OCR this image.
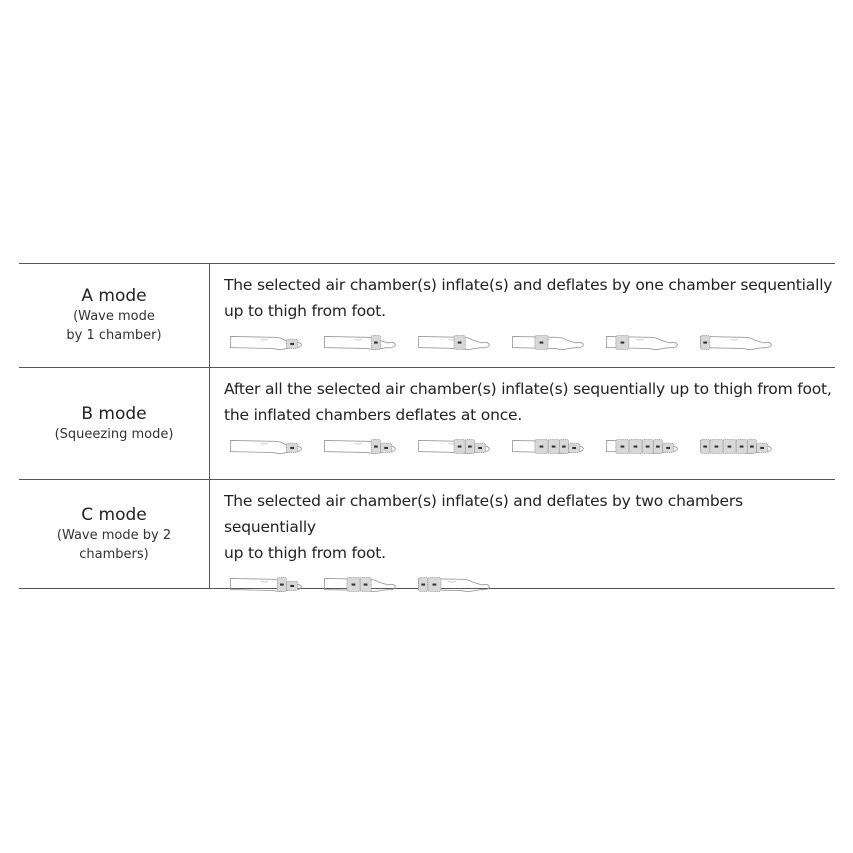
A mode
(Wave mode
by 1 chamber)

The selected air chamber(s) inflate(s) and deflates by one chamber sequentially

up to thigh from foot.

B mode
(Squeezing mode)

After all the selected air chamber(s) inflate(s) sequentially up to thigh from foot,

the inflated chambers deflates at once.

C mode
(Wave mode by 2
chambers)

The selected air chamber(s) inflate(s) and deflates by two chambers sequentially

up to thigh from foot.
